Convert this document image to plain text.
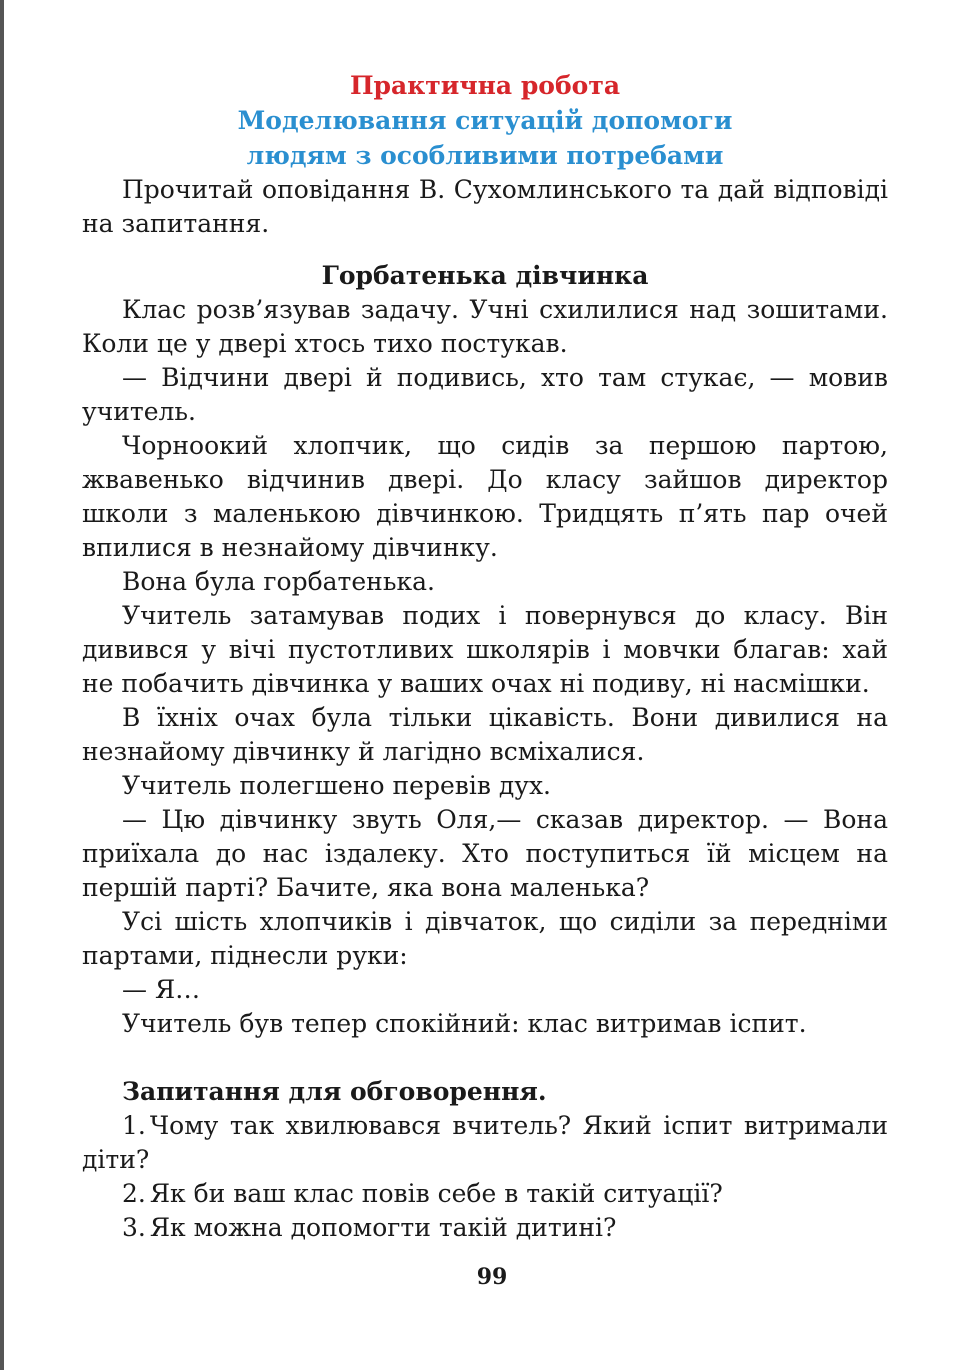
Практична робота
Моделювання ситуацій допомоги
людям з особливими потребами

Прочитай оповідання В. Сухомлинського та дай відповіді на запитання.

Горбатенька дівчинка

Клас розв’язував задачу. Учні схилилися над зошитами. Коли це у двері хтось тихо постукав.

— Відчини двері й подивись, хто там стукає, — мовив учитель.

Чорноокий хлопчик, що сидів за першою партою, жвавенько відчинив двері. До класу зайшов директор школи з маленькою дівчинкою. Тридцять п’ять пар очей впилися в незнайому дівчинку.

Вона була горбатенька.

Учитель затамував подих і повернувся до класу. Він дивився у вічі пустотливих школярів і мовчки благав: хай не побачить дівчинка у ваших очах ні подиву, ні насмішки.

В їхніх очах була тільки цікавість. Вони дивилися на незнайому дівчинку й лагідно всміхалися.

Учитель полегшено перевів дух.

— Цю дівчинку звуть Оля,— сказав директор. — Вона приїхала до нас іздалеку. Хто поступиться їй місцем на першій парті? Бачите, яка вона маленька?

Усі шість хлопчиків і дівчаток, що сиділи за передніми партами, піднесли руки:

— Я…

Учитель був тепер спокійний: клас витримав іспит.

Запитання для обговорення.

1. Чому так хвилювався вчитель? Який іспит витримали діти?

2. Як би ваш клас повів себе в такій ситуації?

3. Як можна допомогти такій дитині?

99
